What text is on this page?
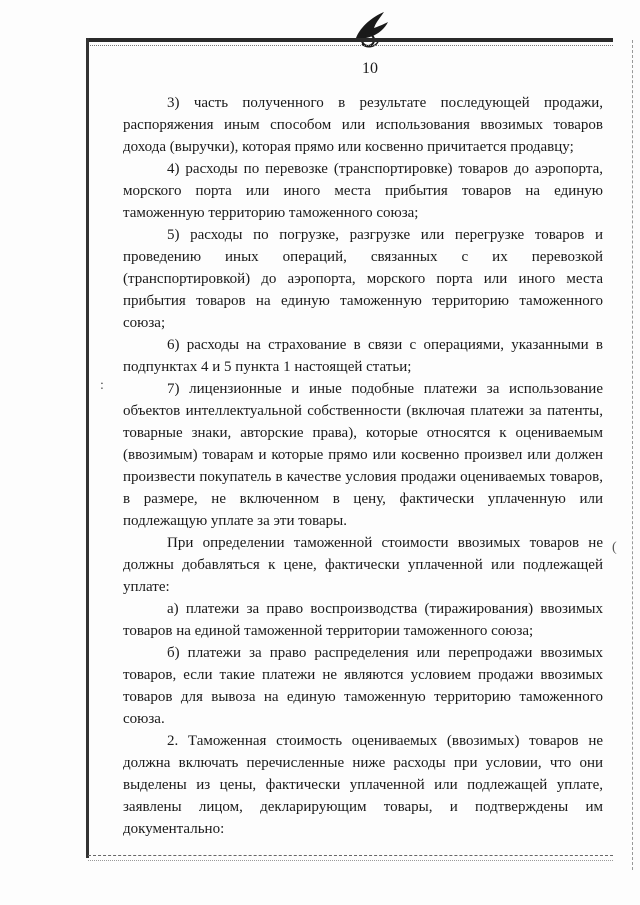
10

3) часть полученного в результате последующей продажи, распоряжения иным способом или использования ввозимых товаров дохода (выручки), которая прямо или косвенно причитается продавцу;

4) расходы по перевозке (транспортировке) товаров до аэропорта, морского порта или иного места прибытия товаров на единую таможенную территорию таможенного союза;

5) расходы по погрузке, разгрузке или перегрузке товаров и проведению иных операций, связанных с их перевозкой (транспортировкой) до аэропорта, морского порта или иного места прибытия товаров на единую таможенную территорию таможенного союза;

6) расходы на страхование в связи с операциями, указанными в подпунктах 4 и 5 пункта 1 настоящей статьи;

7) лицензионные и иные подобные платежи за использование объектов интеллектуальной собственности (включая платежи за патенты, товарные знаки, авторские права), которые относятся к оцениваемым (ввозимым) товарам и которые прямо или косвенно произвел или должен произвести покупатель в качестве условия продажи оцениваемых товаров, в размере, не включенном в цену, фактически уплаченную или подлежащую уплате за эти товары.

При определении таможенной стоимости ввозимых товаров не должны добавляться к цене, фактически уплаченной или подлежащей уплате:

а) платежи за право воспроизводства (тиражирования) ввозимых товаров на единой таможенной территории таможенного союза;

б) платежи за право распределения или перепродажи ввозимых товаров, если такие платежи не являются условием продажи ввозимых товаров для вывоза на единую таможенную территорию таможенного союза.

2. Таможенная стоимость оцениваемых (ввозимых) товаров не должна включать перечисленные ниже расходы при условии, что они выделены из цены, фактически уплаченной или подлежащей уплате, заявлены лицом, декларирующим товары, и подтверждены им документально:

:
(
